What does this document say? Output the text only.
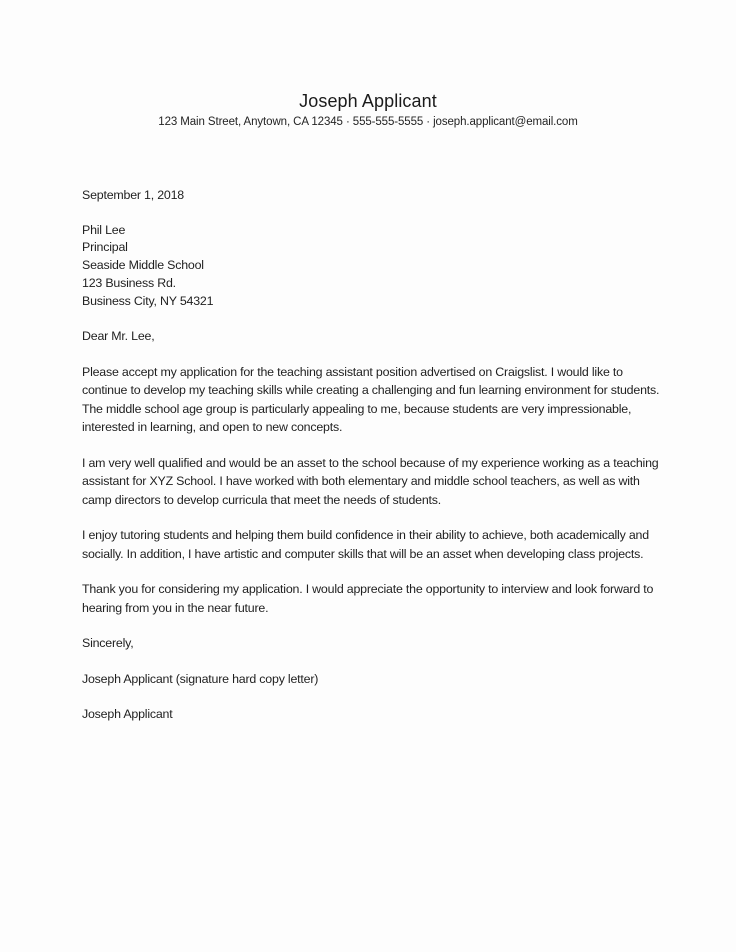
Joseph Applicant
123 Main Street, Anytown, CA 12345 · 555-555-5555 · joseph.applicant@email.com

September 1, 2018

Phil Lee
Principal
Seaside Middle School
123 Business Rd.
Business City, NY 54321

Dear Mr. Lee,

Please accept my application for the teaching assistant position advertised on Craigslist. I would like to continue to develop my teaching skills while creating a challenging and fun learning environment for students. The middle school age group is particularly appealing to me, because students are very impressionable, interested in learning, and open to new concepts.

I am very well qualified and would be an asset to the school because of my experience working as a teaching assistant for XYZ School. I have worked with both elementary and middle school teachers, as well as with camp directors to develop curricula that meet the needs of students.

I enjoy tutoring students and helping them build confidence in their ability to achieve, both academically and socially. In addition, I have artistic and computer skills that will be an asset when developing class projects.

Thank you for considering my application. I would appreciate the opportunity to interview and look forward to hearing from you in the near future.

Sincerely,

Joseph Applicant (signature hard copy letter)

Joseph Applicant
